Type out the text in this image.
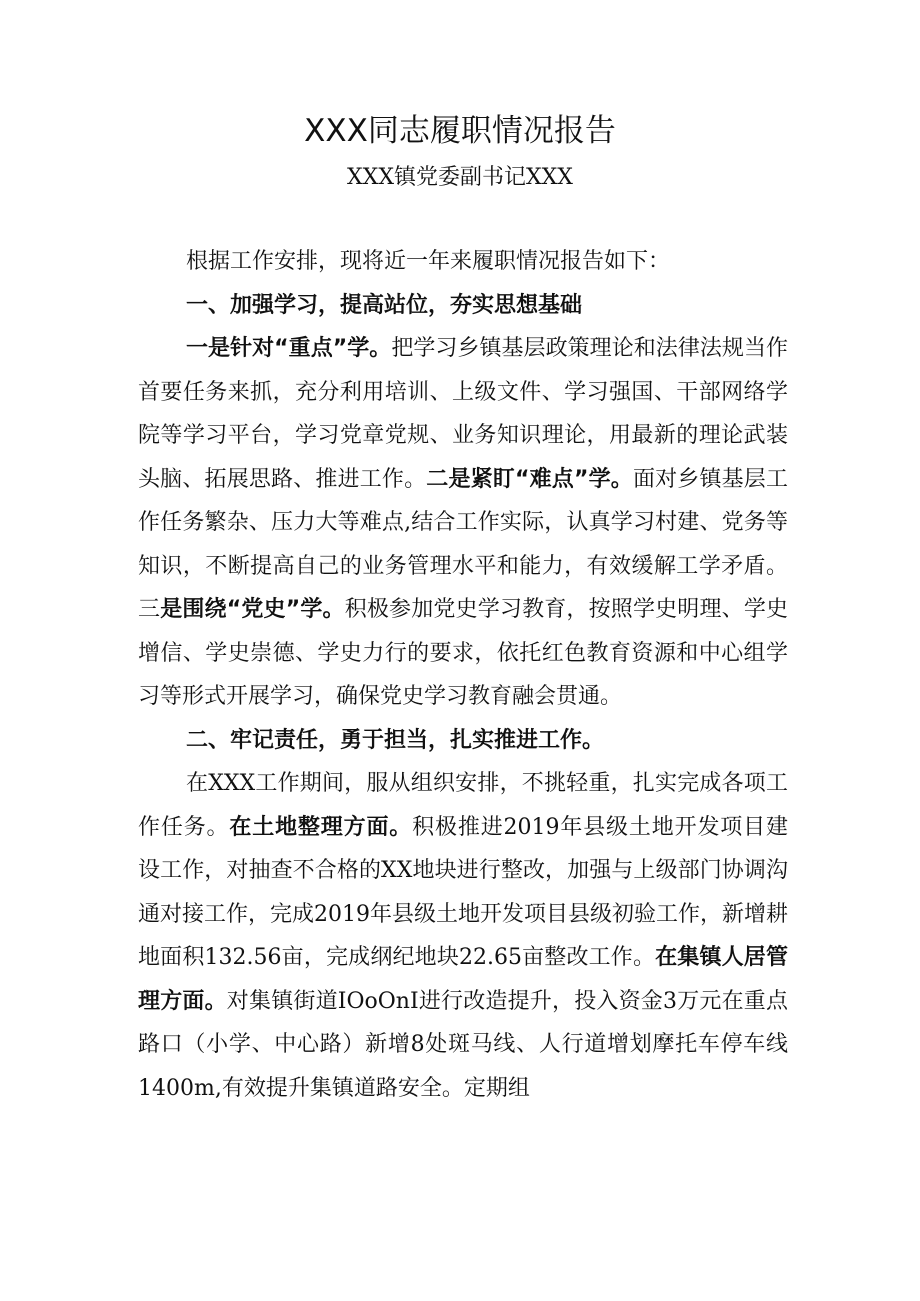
XXX同志履职情况报告

XXX镇党委副书记XXX

根据工作安排，现将近一年来履职情况报告如下：

一、加强学习，提高站位，夯实思想基础

一是针对“重点”学。把学习乡镇基层政策理论和法律法规当作首要任务来抓，充分利用培训、上级文件、学习强国、干部网络学院等学习平台，学习党章党规、业务知识理论，用最新的理论武装头脑、拓展思路、推进工作。二是紧盯“难点”学。面对乡镇基层工作任务繁杂、压力大等难点,结合工作实际，认真学习村建、党务等知识，不断提高自己的业务管理水平和能力，有效缓解工学矛盾。三是围绕“党史”学。积极参加党史学习教育，按照学史明理、学史增信、学史崇德、学史力行的要求，依托红色教育资源和中心组学习等形式开展学习，确保党史学习教育融会贯通。

二、牢记责任，勇于担当，扎实推进工作。

在XXX工作期间，服从组织安排，不挑轻重，扎实完成各项工作任务。在土地整理方面。积极推进2019年县级土地开发项目建设工作，对抽查不合格的XX地块进行整改，加强与上级部门协调沟通对接工作，完成2019年县级土地开发项目县级初验工作，新增耕地面积132.56亩，完成纲纪地块22.65亩整改工作。在集镇人居管理方面。对集镇街道IOoOnI进行改造提升，投入资金3万元在重点路口（小学、中心路）新增8处斑马线、人行道增划摩托车停车线1400m,有效提升集镇道路安全。定期组
